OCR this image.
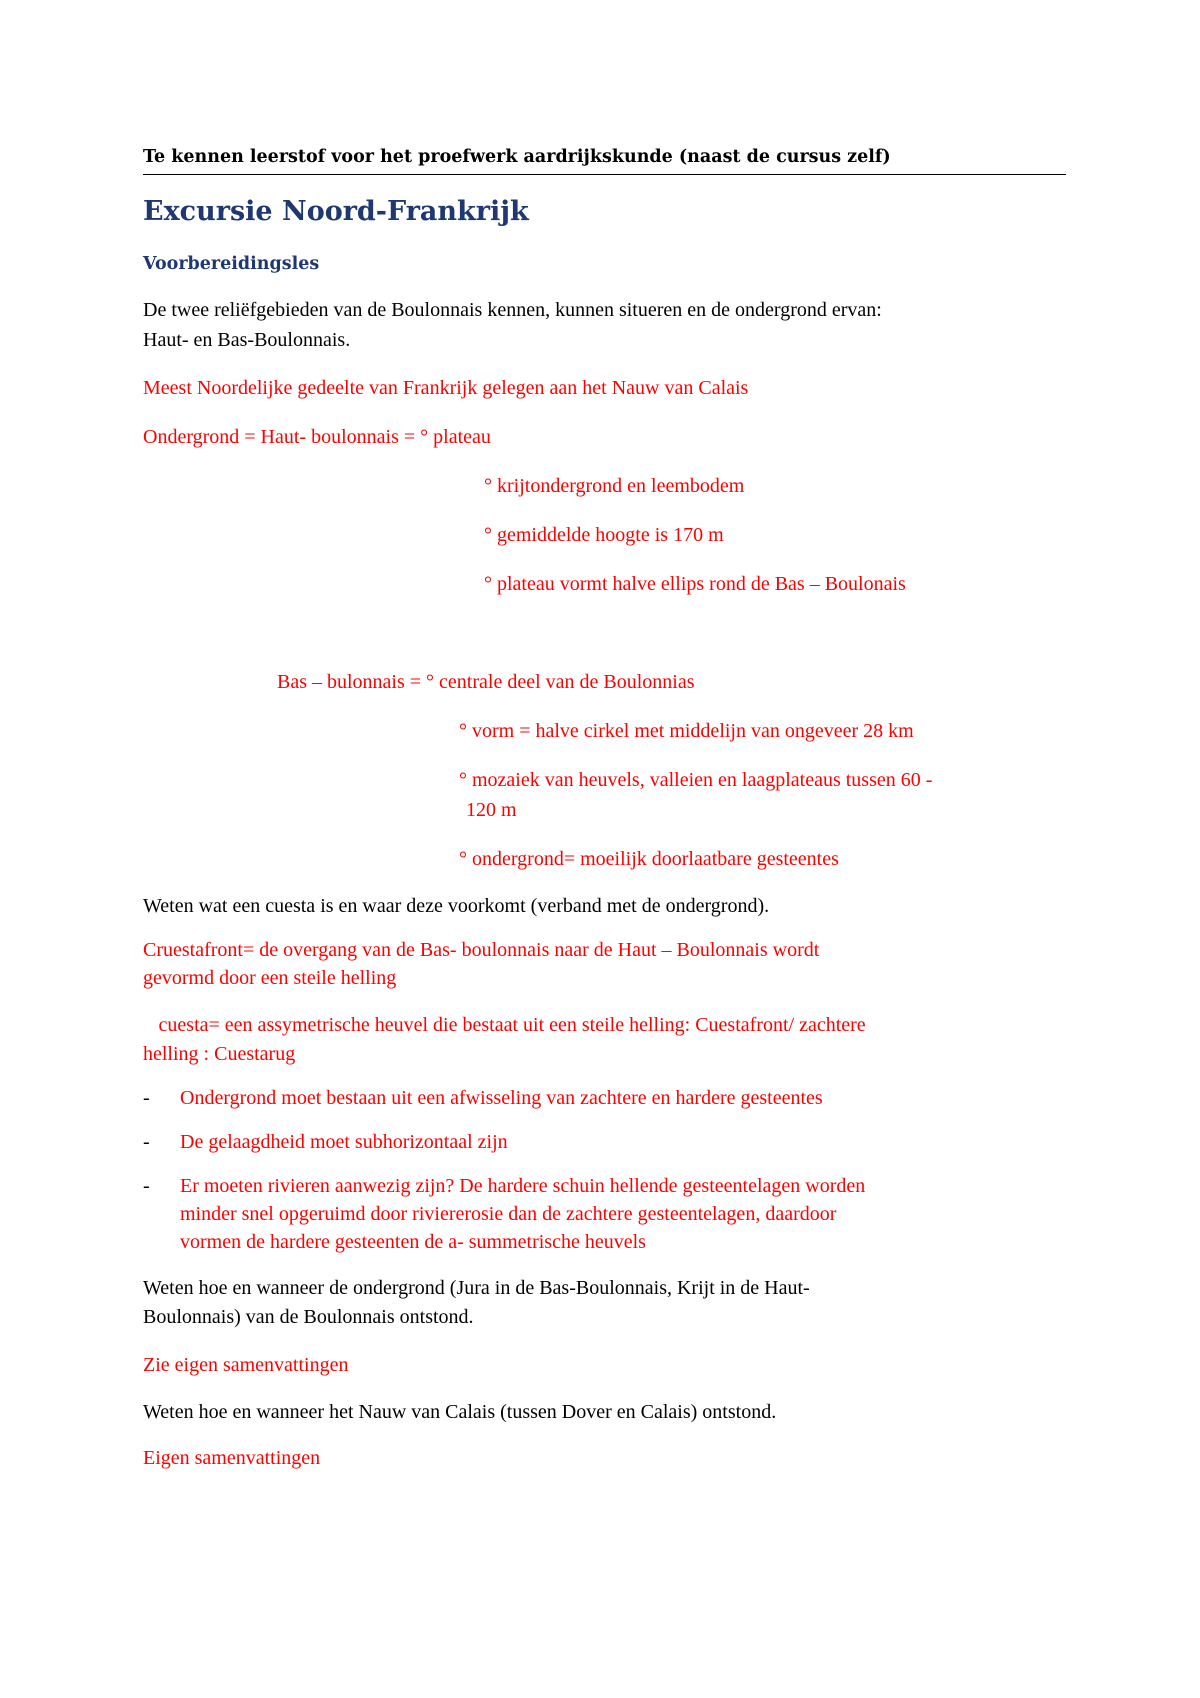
Te kennen leerstof voor het proefwerk aardrijkskunde (naast de cursus zelf)
Excursie Noord-Frankrijk
Voorbereidingsles
De twee reliëfgebieden van de Boulonnais kennen, kunnen situeren en de ondergrond ervan:
Haut- en Bas-Boulonnais.
Meest Noordelijke gedeelte van Frankrijk gelegen aan het Nauw van Calais
Ondergrond = Haut- boulonnais = ° plateau
° krijtondergrond en leembodem
° gemiddelde hoogte is 170 m
° plateau vormt halve ellips rond de Bas – Boulonais
Bas – bulonnais = ° centrale deel van de Boulonnias
° vorm = halve cirkel met middelijn van ongeveer 28 km
° mozaiek van heuvels, valleien en laagplateaus tussen 60 -
120 m
° ondergrond= moeilijk doorlaatbare gesteentes
Weten wat een cuesta is en waar deze voorkomt (verband met de ondergrond).
Cruestafront= de overgang van de Bas- boulonnais naar de Haut – Boulonnais wordt
gevormd door een steile helling
cuesta= een assymetrische heuvel die bestaat uit een steile helling: Cuestafront/ zachtere
helling : Cuestarug
- Ondergrond moet bestaan uit een afwisseling van zachtere en hardere gesteentes
- De gelaagdheid moet subhorizontaal zijn
- Er moeten rivieren aanwezig zijn? De hardere schuin hellende gesteentelagen worden
minder snel opgeruimd door riviererosie dan de zachtere gesteentelagen, daardoor
vormen de hardere gesteenten de a- summetrische heuvels
Weten hoe en wanneer de ondergrond (Jura in de Bas-Boulonnais, Krijt in de Haut-
Boulonnais) van de Boulonnais ontstond.
Zie eigen samenvattingen
Weten hoe en wanneer het Nauw van Calais (tussen Dover en Calais) ontstond.
Eigen samenvattingen
